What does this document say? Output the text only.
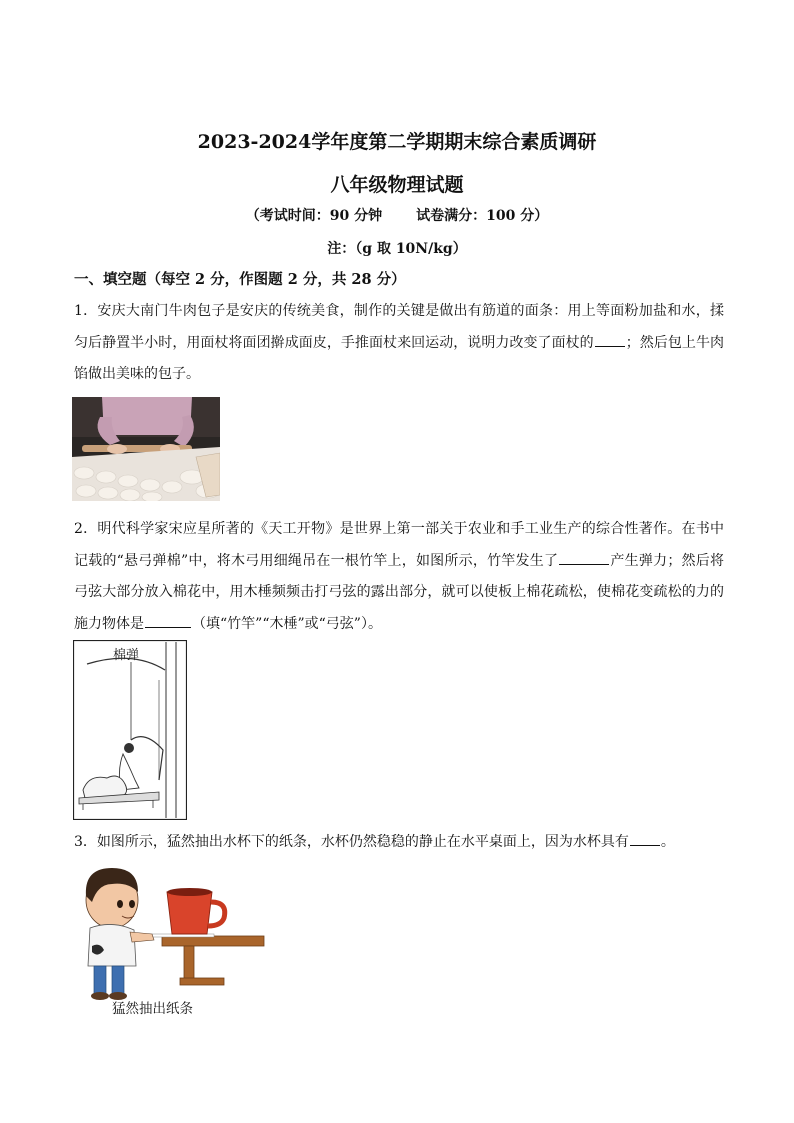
2023-2024学年度第二学期期末综合素质调研
八年级物理试题
（考试时间：90 分钟 试卷满分：100 分）
注：（g 取 10N/kg）
一、填空题（每空 2 分，作图题 2 分，共 28 分）
1．安庆大南门牛肉包子是安庆的传统美食，制作的关键是做出有筋道的面条：用上等面粉加盐和水，揉匀后静置半小时，用面杖将面团擀成面皮，手推面杖来回运动，说明力改变了面杖的 ；然后包上牛肉馅做出美味的包子。
2．明代科学家宋应星所著的《天工开物》是世界上第一部关于农业和手工业生产的综合性著作。在书中记载的“悬弓弹棉”中，将木弓用细绳吊在一根竹竿上，如图所示，竹竿发生了	产生弹力；然后将弓弦大部分放入棉花中，用木棰频频击打弓弦的露出部分，就可以使板上棉花疏松，使棉花变疏松的力的施力物体是	（填“竹竿”“木棰”或“弓弦”）。
棉弹
3．如图所示，猛然抽出水杯下的纸条，水杯仍然稳稳的静止在水平桌面上，因为水杯具有 。
猛然抽出纸条
